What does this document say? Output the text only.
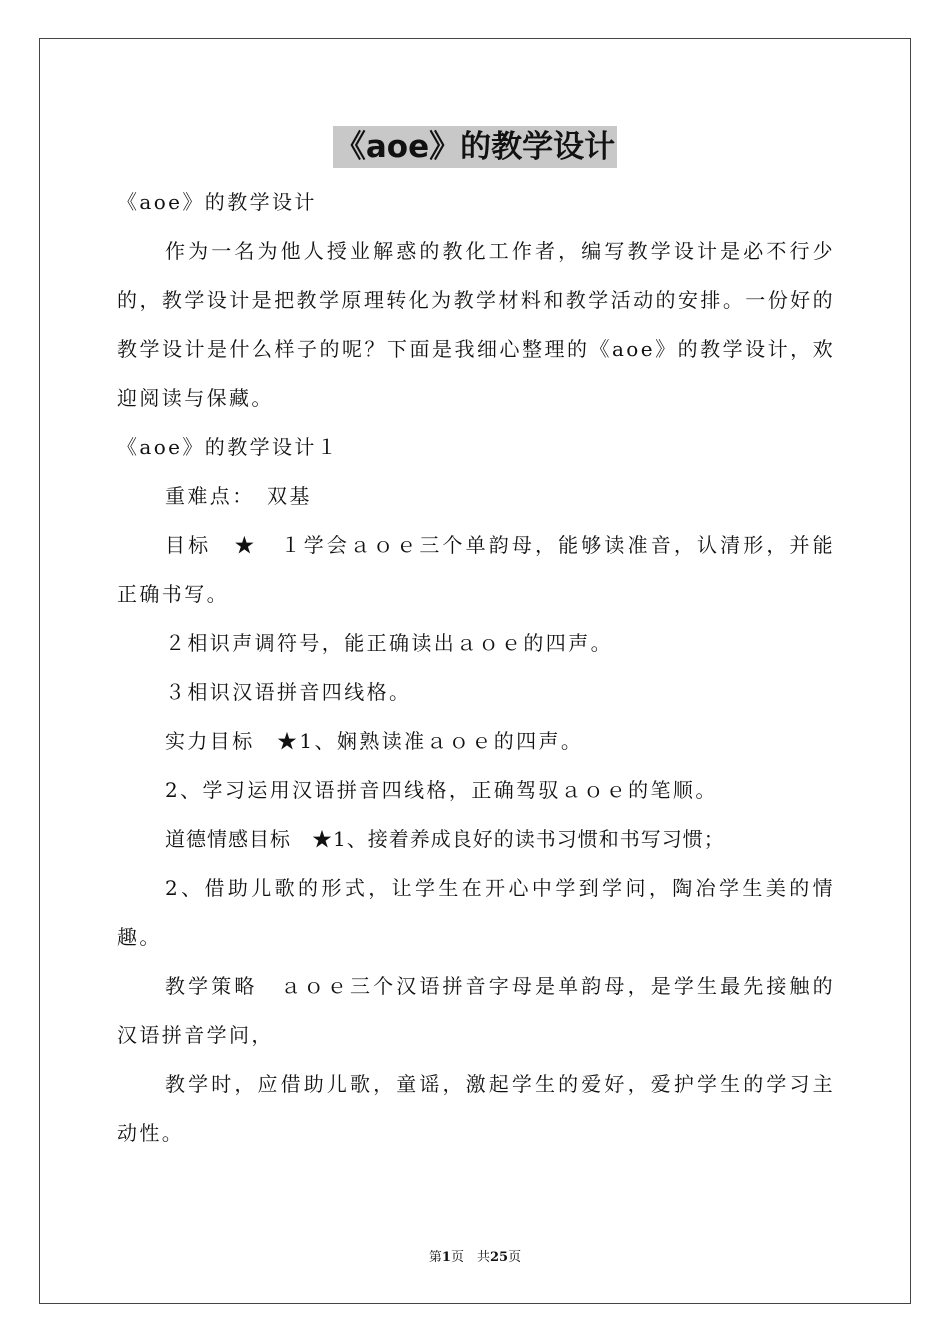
《aoe》的教学设计

《aoe》的教学设计

作为一名为他人授业解惑的教化工作者，编写教学设计是必不行少的，教学设计是把教学原理转化为教学材料和教学活动的安排。一份好的教学设计是什么样子的呢？下面是我细心整理的《aoe》的教学设计，欢迎阅读与保藏。

《aoe》的教学设计１

重难点：　双基

目标　★　１学会ａｏｅ三个单韵母，能够读准音，认清形，并能正确书写。

２相识声调符号，能正确读出ａｏｅ的四声。

３相识汉语拼音四线格。

实力目标　★1、娴熟读准ａｏｅ的四声。

2、学习运用汉语拼音四线格，正确驾驭ａｏｅ的笔顺。

道德情感目标　★1、接着养成良好的读书习惯和书写习惯；

2、借助儿歌的形式，让学生在开心中学到学问，陶冶学生美的情趣。

教学策略　ａｏｅ三个汉语拼音字母是单韵母，是学生最先接触的汉语拼音学问，

教学时，应借助儿歌，童谣，激起学生的爱好，爱护学生的学习主动性。

第1页　共25页
